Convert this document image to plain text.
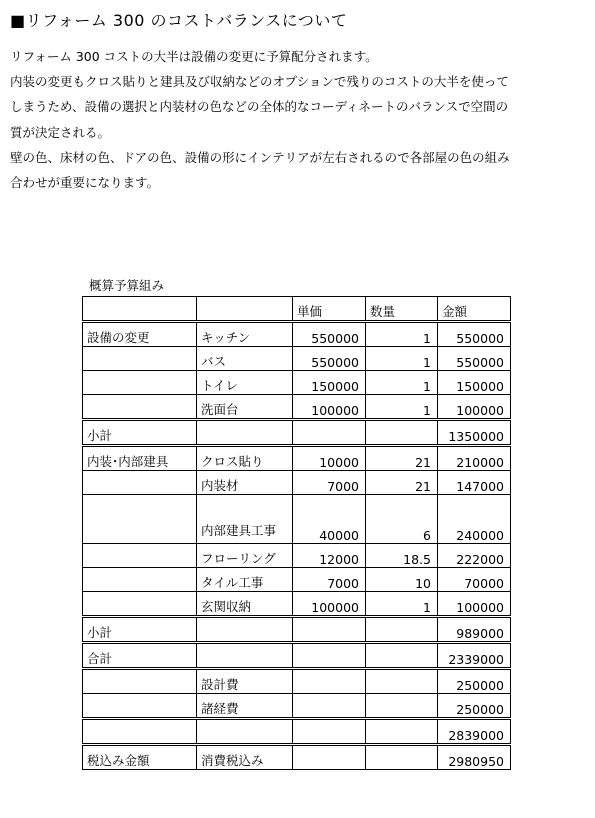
■リフォーム 300 のコストバランスについて

リフォーム 300 コストの大半は設備の変更に予算配分されます。

内装の変更もクロス貼りと建具及び収納などのオプションで残りのコストの大半を使って

しまうため、設備の選択と内装材の色などの全体的なコーディネートのバランスで空間の

質が決定される。

壁の色、床材の色、ドアの色、設備の形にインテリアが左右されるので各部屋の色の組み

合わせが重要になります。

概算予算組み
		単価	数量	金額
設備の変更	キッチン	550000	1	550000
	バス	550000	1	550000
	トイレ	150000	1	150000
	洗面台	100000	1	100000
小計				1350000
内装･内部建具	クロス貼り	10000	21	210000
	内装材	7000	21	147000
	内部建具工事	40000	6	240000
	フローリング	12000	18.5	222000
	タイル工事	7000	10	70000
	玄関収納	100000	1	100000
小計				989000
合計				2339000
	設計費			250000
	諸経費			250000
				2839000
税込み金額	消費税込み			2980950
